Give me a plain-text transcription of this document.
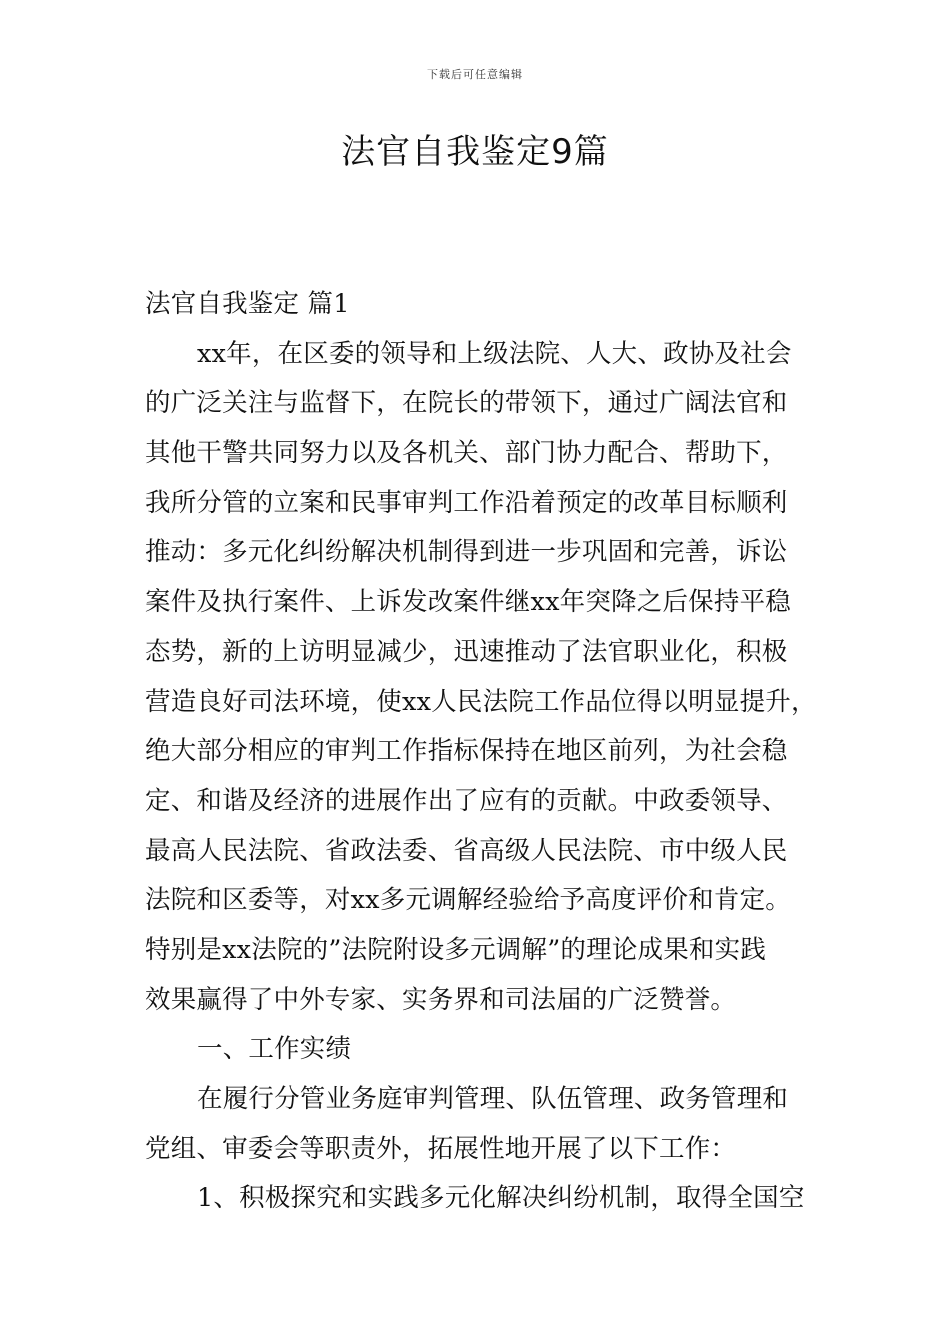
下载后可任意编辑
法官自我鉴定9篇
法官自我鉴定 篇1
xx年，在区委的领导和上级法院、人大、政协及社会
的广泛关注与监督下，在院长的带领下，通过广阔法官和
其他干警共同努力以及各机关、部门协力配合、帮助下，
我所分管的立案和民事审判工作沿着预定的改革目标顺利
推动：多元化纠纷解决机制得到进一步巩固和完善，诉讼
案件及执行案件、上诉发改案件继xx年突降之后保持平稳
态势，新的上访明显减少，迅速推动了法官职业化，积极
营造良好司法环境，使xx人民法院工作品位得以明显提升，
绝大部分相应的审判工作指标保持在地区前列，为社会稳
定、和谐及经济的进展作出了应有的贡献。中政委领导、
最高人民法院、省政法委、省高级人民法院、市中级人民
法院和区委等，对xx多元调解经验给予高度评价和肯定。
特别是xx法院的”法院附设多元调解”的理论成果和实践
效果赢得了中外专家、实务界和司法届的广泛赞誉。
一、工作实绩
在履行分管业务庭审判管理、队伍管理、政务管理和
党组、审委会等职责外，拓展性地开展了以下工作：
1、积极探究和实践多元化解决纠纷机制，取得全国空
